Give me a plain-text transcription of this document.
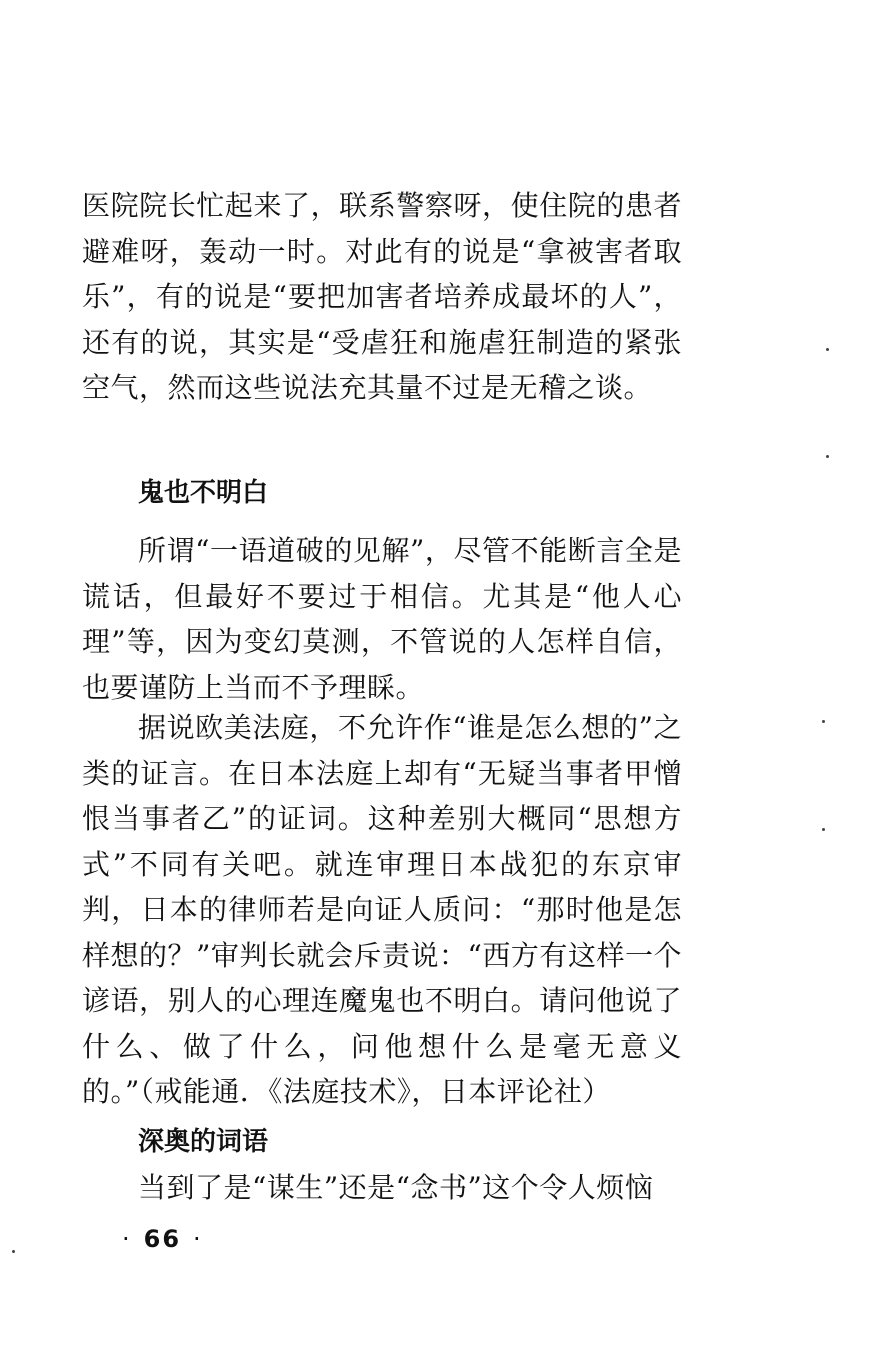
医院院长忙起来了，联系警察呀，使住院的患者避难呀，轰动一时。对此有的说是“拿被害者取乐”，有的说是“要把加害者培养成最坏的人”，还有的说，其实是“受虐狂和施虐狂制造的紧张空气，然而这些说法充其量不过是无稽之谈。

鬼也不明白

所谓“一语道破的见解”，尽管不能断言全是谎话，但最好不要过于相信。尤其是“他人心理”等，因为变幻莫测，不管说的人怎样自信，也要谨防上当而不予理睬。

据说欧美法庭，不允许作“谁是怎么想的”之类的证言。在日本法庭上却有“无疑当事者甲憎恨当事者乙”的证词。这种差别大概同“思想方式”不同有关吧。就连审理日本战犯的东京审判，日本的律师若是向证人质问：“那时他是怎样想的？”审判长就会斥责说：“西方有这样一个谚语，别人的心理连魔鬼也不明白。请问他说了什么、做了什么，问他想什么是毫无意义的。”（戒能通．《法庭技术》，日本评论社）

深奥的词语

当到了是“谋生”还是“念书”这个令人烦恼

· 66 ·
